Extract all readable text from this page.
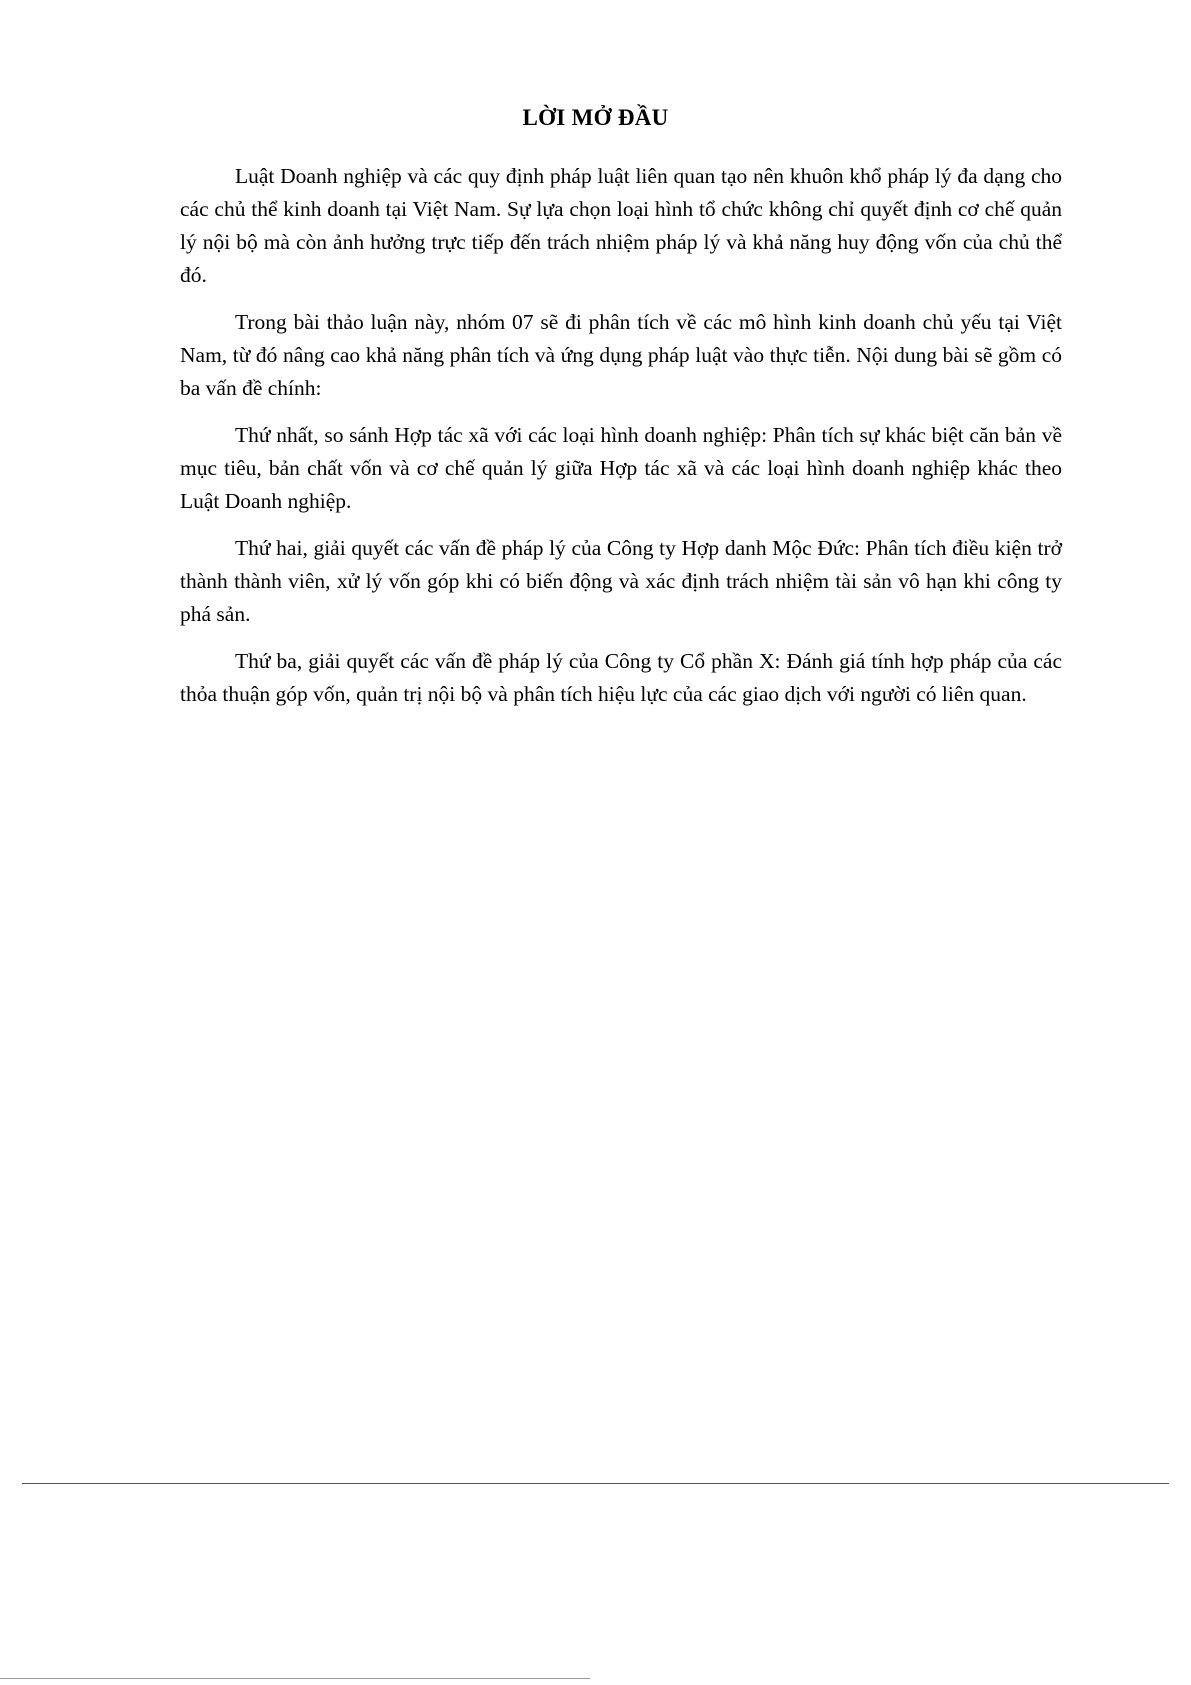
LỜI MỞ ĐẦU

Luật Doanh nghiệp và các quy định pháp luật liên quan tạo nên khuôn khổ pháp lý đa dạng cho các chủ thể kinh doanh tại Việt Nam. Sự lựa chọn loại hình tổ chức không chỉ quyết định cơ chế quản lý nội bộ mà còn ảnh hưởng trực tiếp đến trách nhiệm pháp lý và khả năng huy động vốn của chủ thể đó.

Trong bài thảo luận này, nhóm 07 sẽ đi phân tích về các mô hình kinh doanh chủ yếu tại Việt Nam, từ đó nâng cao khả năng phân tích và ứng dụng pháp luật vào thực tiễn. Nội dung bài sẽ gồm có ba vấn đề chính:

Thứ nhất, so sánh Hợp tác xã với các loại hình doanh nghiệp: Phân tích sự khác biệt căn bản về mục tiêu, bản chất vốn và cơ chế quản lý giữa Hợp tác xã và các loại hình doanh nghiệp khác theo Luật Doanh nghiệp.

Thứ hai, giải quyết các vấn đề pháp lý của Công ty Hợp danh Mộc Đức: Phân tích điều kiện trở thành thành viên, xử lý vốn góp khi có biến động và xác định trách nhiệm tài sản vô hạn khi công ty phá sản.

Thứ ba, giải quyết các vấn đề pháp lý của Công ty Cổ phần X: Đánh giá tính hợp pháp của các thỏa thuận góp vốn, quản trị nội bộ và phân tích hiệu lực của các giao dịch với người có liên quan.
